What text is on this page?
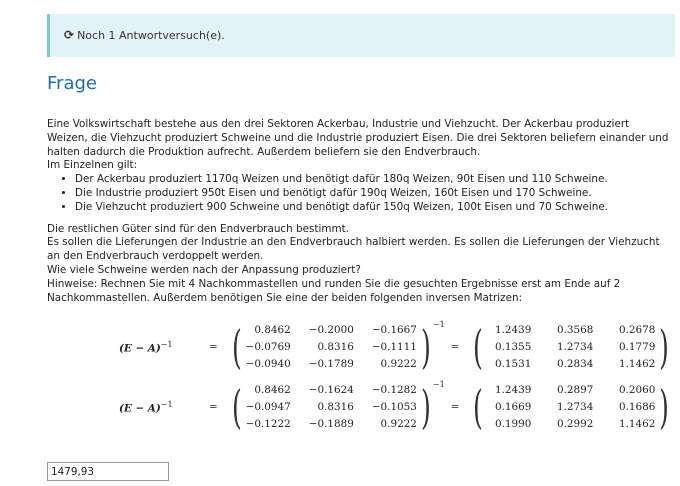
⟳ Noch 1 Antwortversuch(e).
Frage

Eine Volkswirtschaft bestehe aus den drei Sektoren Ackerbau, Industrie und Viehzucht. Der Ackerbau produziert Weizen, die Viehzucht produziert Schweine und die Industrie produziert Eisen. Die drei Sektoren beliefern einander und halten dadurch die Produktion aufrecht. Außerdem beliefern sie den Endverbrauch.

Im Einzelnen gilt:

• Der Ackerbau produziert 1170q Weizen und benötigt dafür 180q Weizen, 90t Eisen und 110 Schweine.
• Die Industrie produziert 950t Eisen und benötigt dafür 190q Weizen, 160t Eisen und 170 Schweine.
• Die Viehzucht produziert 900 Schweine und benötigt dafür 150q Weizen, 100t Eisen und 70 Schweine.

Die restlichen Güter sind für den Endverbrauch bestimmt.

Es sollen die Lieferungen der Industrie an den Endverbrauch halbiert werden. Es sollen die Lieferungen der Viehzucht an den Endverbrauch verdoppelt werden.

Wie viele Schweine werden nach der Anpassung produziert?

Hinweise: Rechnen Sie mit 4 Nachkommastellen und runden Sie die gesuchten Ergebnisse erst am Ende auf 2 Nachkommastellen. Außerdem benötigen Sie eine der beiden folgenden inversen Matrizen:

$(E - A)^{-1}$	= (	0.8462 −0.2000 −0.1667
−0.0769	0.8316 −0.1111
−0.0940 −0.1789	0.9222 ) −1
= (	1.2439	0.3568	0.2678
0.1355	1.2734	0.1779
0.1531	0.2834	1.1462 )
$(E - A)^{-1}$	= (	0.8462 −0.1624 −0.1282
−0.0947	0.8316 −0.1053
−0.1222 −0.1889	0.9222 ) −1
= (	1.2439	0.2897	0.2060
0.1669	1.2734	0.1686
0.1990	0.2992	1.1462 )
1479,93
